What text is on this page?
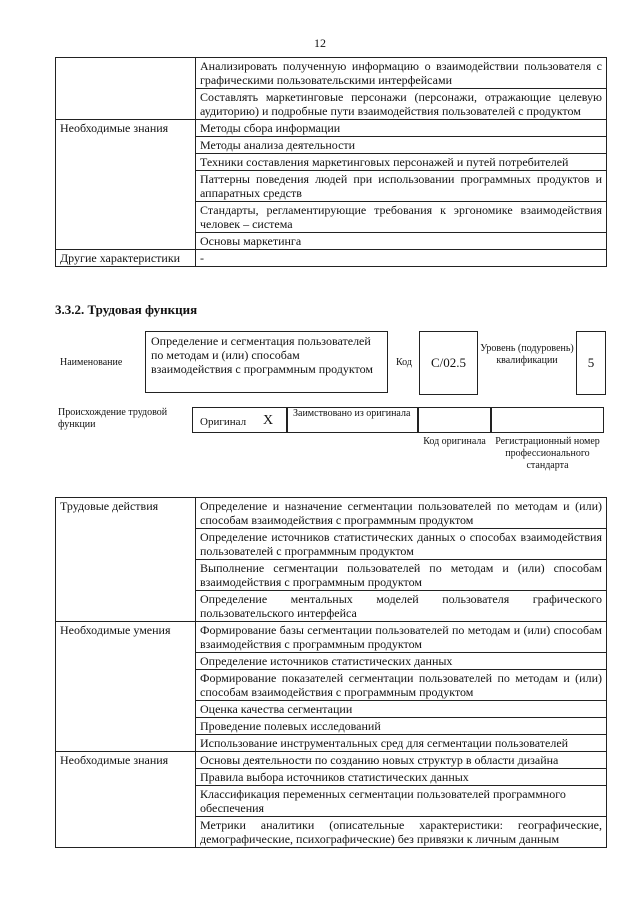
12
	Анализировать полученную информацию о взаимодействии пользователя с графическими пользовательскими интерфейсами
	Составлять маркетинговые персонажи (персонажи, отражающие целевую аудиторию) и подробные пути взаимодействия пользователей с продуктом
Необходимые знания	Методы сбора информации
	Методы анализа деятельности
	Техники составления маркетинговых персонажей и путей потребителей
	Паттерны поведения людей при использовании программных продуктов и аппаратных средств
	Стандарты, регламентирующие требования к эргономике взаимодействия человек – система
	Основы маркетинга
Другие характеристики	-
3.3.2. Трудовая функция
Наименование
Определение и сегментация пользователей по методам и (или) способам взаимодействия с программным продуктом	Код	C/02.5
Уровень (подуровень) квалификации	5
Происхождение трудовой функции	Оригинал X	Заимствовано из оригинала
Код оригинала Регистрационный номер профессионального стандарта
Трудовые действия	Определение и назначение сегментации пользователей по методам и (или) способам взаимодействия с программным продуктом
	Определение источников статистических данных о способах взаимодействия пользователей с программным продуктом
	Выполнение сегментации пользователей по методам и (или) способам взаимодействия с программным продуктом
	Определение ментальных моделей пользователя графического пользовательского интерфейса
Необходимые умения	Формирование базы сегментации пользователей по методам и (или) способам взаимодействия с программным продуктом
	Определение источников статистических данных
	Формирование показателей сегментации пользователей по методам и (или) способам взаимодействия с программным продуктом
	Оценка качества сегментации
	Проведение полевых исследований
	Использование инструментальных сред для сегментации пользователей
Необходимые знания	Основы деятельности по созданию новых структур в области дизайна
	Правила выбора источников статистических данных
	Классификация переменных сегментации пользователей программного обеспечения
	Метрики аналитики (описательные характеристики: географические, демографические, психографические) без привязки к личным данным
